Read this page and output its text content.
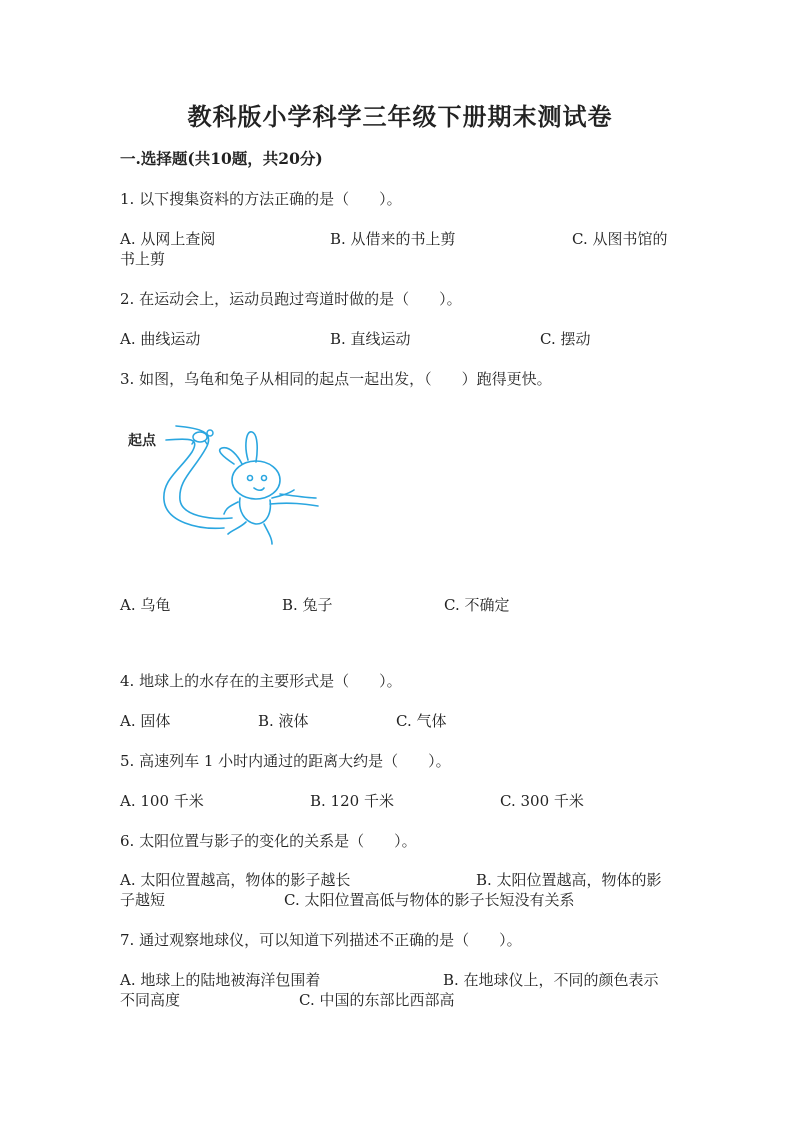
教科版小学科学三年级下册期末测试卷
一.选择题(共10题，共20分)
1. 以下搜集资料的方法正确的是（　　）。
A. 从网上查阅	B. 从借来的书上剪	C. 从图书馆的
书上剪
2. 在运动会上，运动员跑过弯道时做的是（　　）。
A. 曲线运动	B. 直线运动	C. 摆动
3. 如图，乌龟和兔子从相同的起点一起出发，（　　）跑得更快。
起点
A. 乌龟	B. 兔子	C. 不确定
4. 地球上的水存在的主要形式是（　　）。
A. 固体	B. 液体	C. 气体
5. 高速列车 1 小时内通过的距离大约是（　　）。
A. 100 千米	B. 120 千米	C. 300 千米
6. 太阳位置与影子的变化的关系是（　　）。
A. 太阳位置越高，物体的影子越长	B. 太阳位置越高，物体的影
子越短	C. 太阳位置高低与物体的影子长短没有关系
7. 通过观察地球仪，可以知道下列描述不正确的是（　　）。
A. 地球上的陆地被海洋包围着	B. 在地球仪上，不同的颜色表示
不同高度	C. 中国的东部比西部高
